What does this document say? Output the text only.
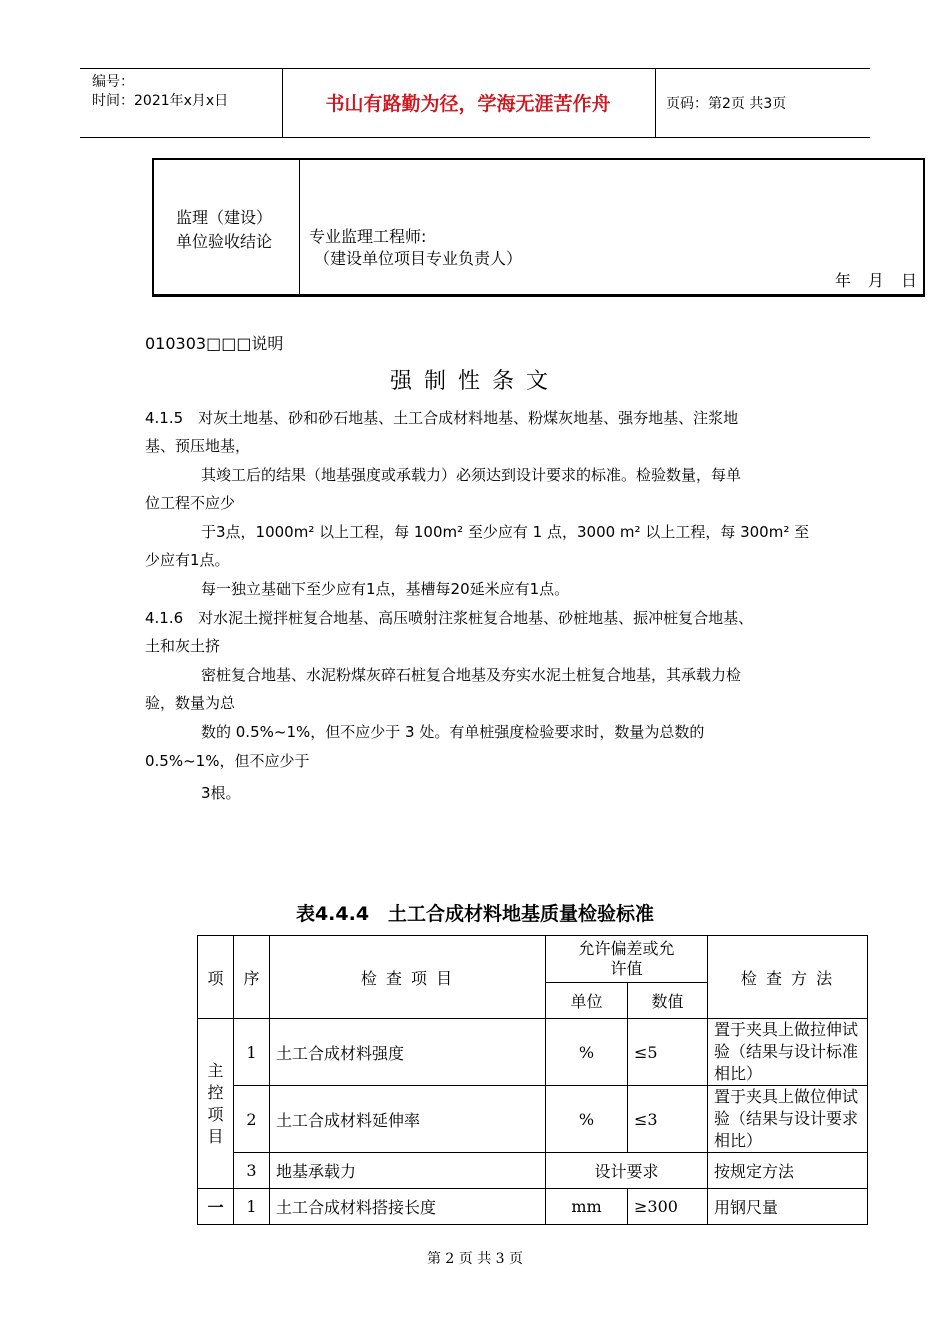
编号：
时间：2021年x月x日	书山有路勤为径，学海无涯苦作舟	页码：第2页 共3页
监理（建设）
单位验收结论 专业监理工程师:
（建设单位项目专业负责人）
年 月 日
010303□□□说明
强制性条文
4.1.5　对灰土地基、砂和砂石地基、土工合成材料地基、粉煤灰地基、强夯地基、注浆地
基、预压地基，
其竣工后的结果（地基强度或承载力）必须达到设计要求的标准。检验数量，每单
位工程不应少
于3点，1000m² 以上工程，每 100m² 至少应有 1 点，3000 m² 以上工程，每 300m² 至
少应有1点。
每一独立基础下至少应有1点，基槽每20延米应有1点。
4.1.6　对水泥土搅拌桩复合地基、高压喷射注浆桩复合地基、砂桩地基、振冲桩复合地基、
土和灰土挤
密桩复合地基、水泥粉煤灰碎石桩复合地基及夯实水泥土桩复合地基，其承载力检
验，数量为总
数的 0.5%~1%，但不应少于 3 处。有单桩强度检验要求时，数量为总数的
0.5%~1%，但不应少于
3根。
表4.4.4　土工合成材料地基质量检验标准
项	序	检 查 项 目	允许偏差或允许值		检 查 方 法
			单位	数值	
主控项目	1	土工合成材料强度	%	≤5	置于夹具上做拉伸试验（结果与设计标准相比）
	2	土工合成材料延伸率	%	≤3	置于夹具上做位伸试验（结果与设计要求相比）
	3	地基承载力	设计要求		按规定方法
一	1	土工合成材料搭接长度	mm	≥300	用钢尺量
第 2 页 共 3 页
